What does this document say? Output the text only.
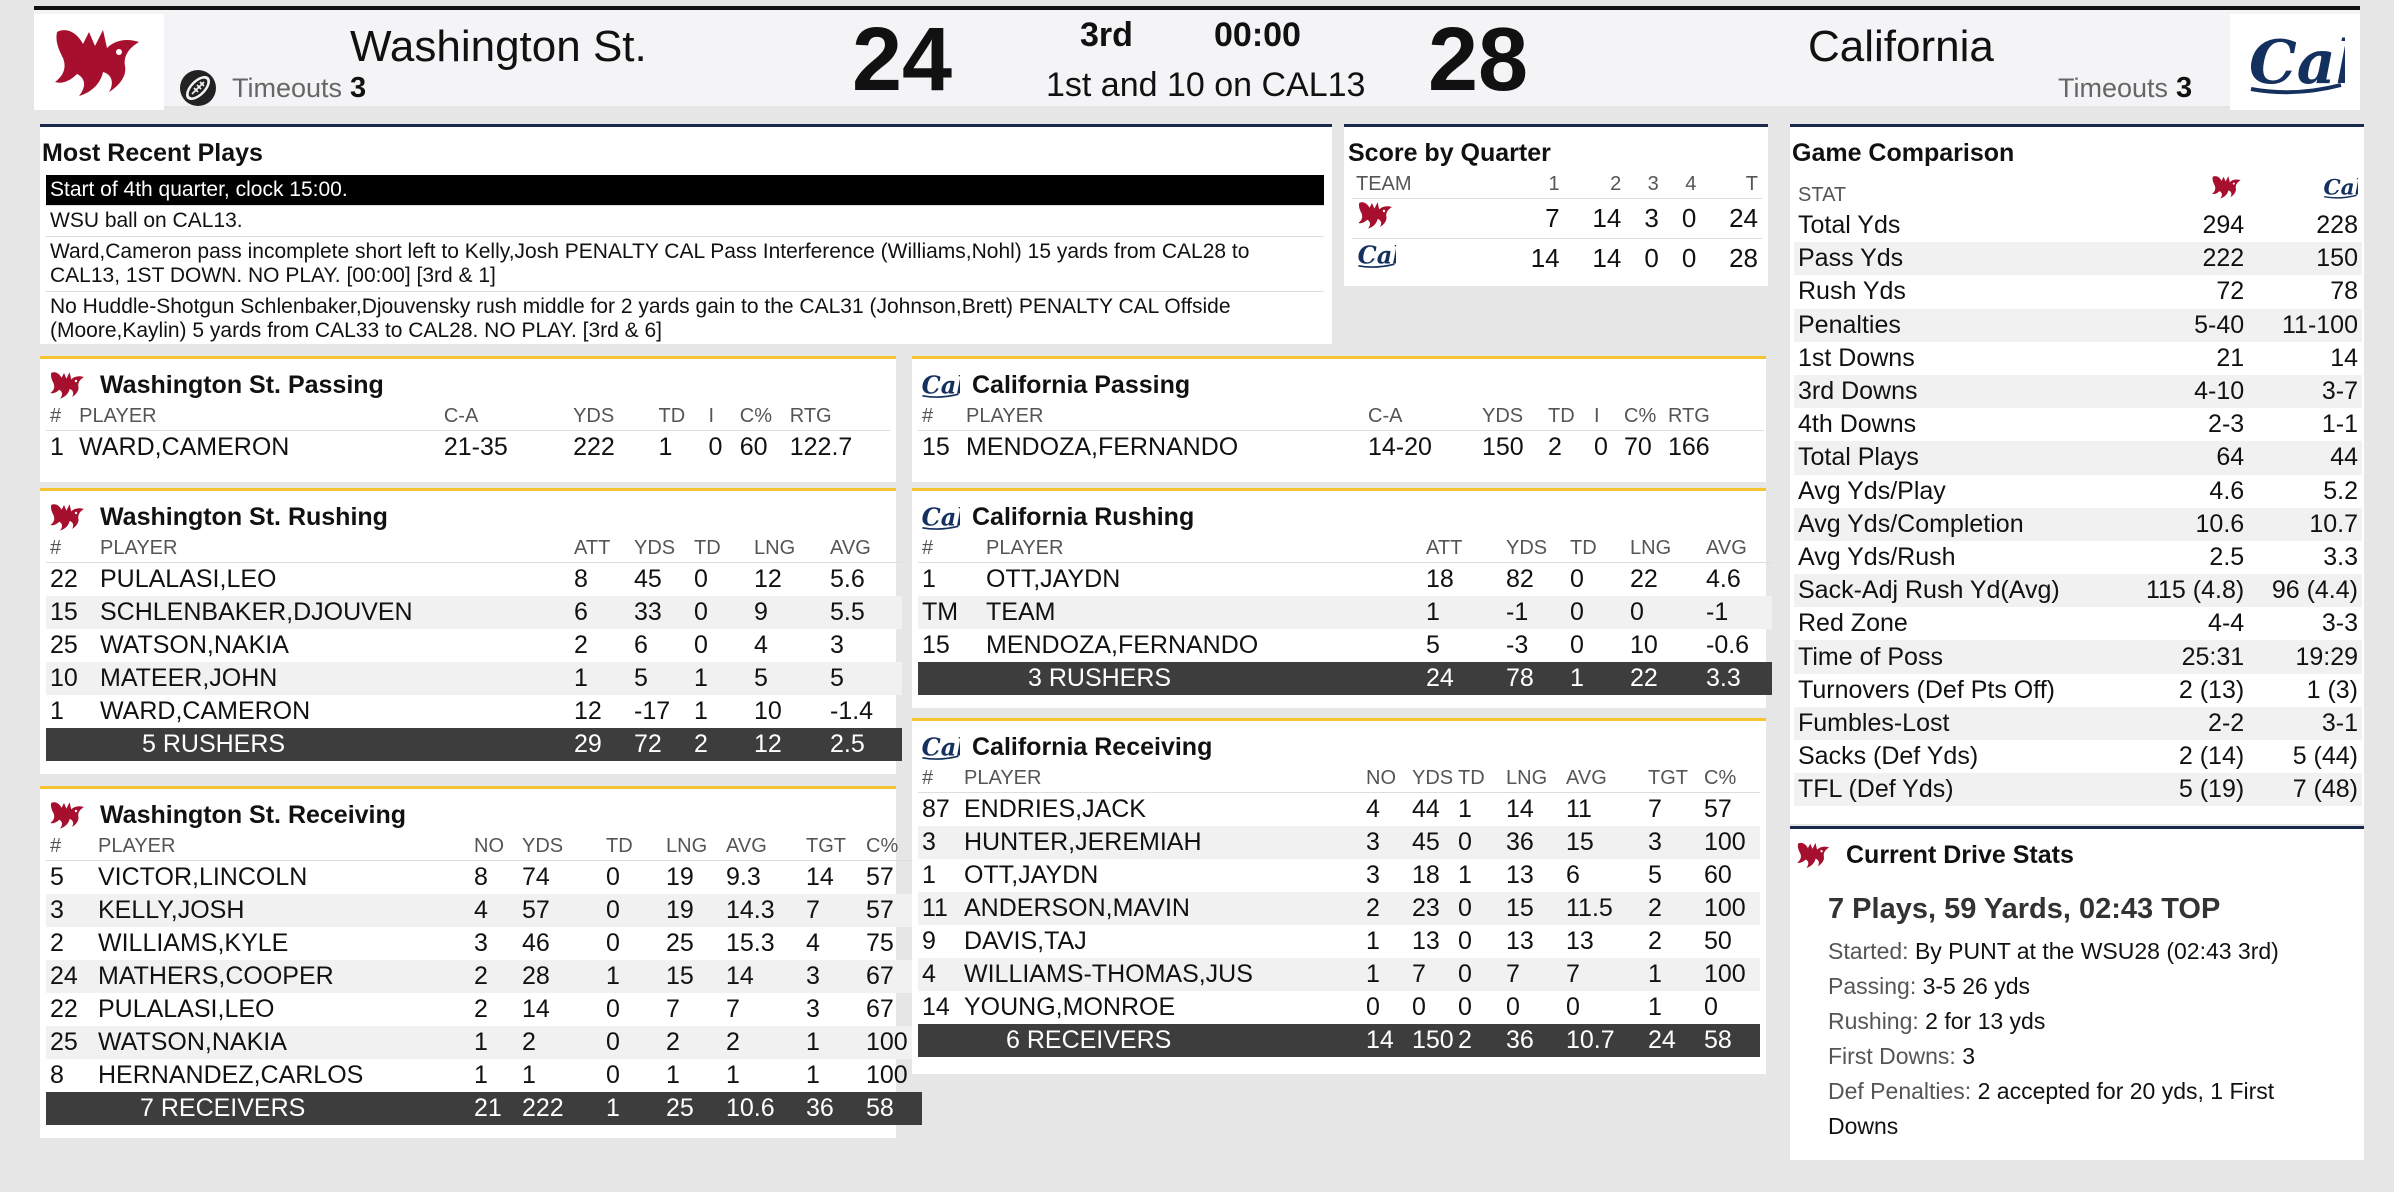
Washington St.
Timeouts 3	24	3rd 00:00
1st and 10 on CAL13 28	California
Timeouts 3
Most Recent Plays
Start of 4th quarter, clock 15:00.
WSU ball on CAL13.
Ward,Cameron pass incomplete short left to Kelly,Josh PENALTY CAL Pass Interference (Williams,Nohl) 15 yards from CAL28 to CAL13, 1ST DOWN. NO PLAY. [00:00] [3rd & 1]
No Huddle-Shotgun Schlenbaker,Djouvensky rush middle for 2 yards gain to the CAL31 (Johnson,Brett) PENALTY CAL Offside (Moore,Kaylin) 5 yards from CAL33 to CAL28. NO PLAY. [3rd & 6]
Score by Quarter
TEAM	1	2	3	4	T
	7	14	3	0	24
	14	14	0	0	28
Game Comparison
STAT		
Total Yds	294	228
Pass Yds	222	150
Rush Yds	72	78
Penalties	5-40	11-100
1st Downs	21	14
3rd Downs	4-10	3-7
4th Downs	2-3	1-1
Total Plays	64	44
Avg Yds/Play	4.6	5.2
Avg Yds/Completion	10.6	10.7
Avg Yds/Rush	2.5	3.3
Sack-Adj Rush Yd(Avg)	115 (4.8)	96 (4.4)
Red Zone	4-4	3-3
Time of Poss	25:31	19:29
Turnovers (Def Pts Off)	2 (13)	1 (3)
Fumbles-Lost	2-2	3-1
Sacks (Def Yds)	2 (14)	5 (44)
TFL (Def Yds)	5 (19)	7 (48)
Current Drive Stats
7 Plays, 59 Yards, 02:43 TOP
Started: By PUNT at the WSU28 (02:43 3rd)
Passing: 3-5 26 yds
Rushing: 2 for 13 yds
First Downs: 3
Def Penalties: 2 accepted for 20 yds, 1 First Downs
Washington St. Passing
#	PLAYER	C-A	YDS	TD	I	C%	RTG
1	WARD,CAMERON	21-35	222	1	0	60	122.7
Washington St. Rushing
#	PLAYER	ATT	YDS	TD	LNG	AVG
22	PULALASI,LEO	8	45	0	12	5.6
15	SCHLENBAKER,DJOUVEN	6	33	0	9	5.5
25	WATSON,NAKIA	2	6	0	4	3
10	MATEER,JOHN	1	5	1	5	5
1	WARD,CAMERON	12	-17	1	10	-1.4
	5 RUSHERS	29	72	2	12	2.5
Washington St. Receiving
#	PLAYER	NO	YDS	TD	LNG	AVG	TGT	C%
5	VICTOR,LINCOLN	8	74	0	19	9.3	14	57
3	KELLY,JOSH	4	57	0	19	14.3	7	57
2	WILLIAMS,KYLE	3	46	0	25	15.3	4	75
24	MATHERS,COOPER	2	28	1	15	14	3	67
22	PULALASI,LEO	2	14	0	7	7	3	67
25	WATSON,NAKIA	1	2	0	2	2	1	100
8	HERNANDEZ,CARLOS	1	1	0	1	1	1	100
	7 RECEIVERS	21	222	1	25	10.6	36	58
California Passing
#	PLAYER	C-A	YDS	TD	I	C%	RTG
15	MENDOZA,FERNANDO	14-20	150	2	0	70	166
California Rushing
#	PLAYER	ATT	YDS	TD	LNG	AVG
1	OTT,JAYDN	18	82	0	22	4.6
TM	TEAM	1	-1	0	0	-1
15	MENDOZA,FERNANDO	5	-3	0	10	-0.6
	3 RUSHERS	24	78	1	22	3.3
California Receiving
#	PLAYER	NO	YDS	TD	LNG	AVG	TGT	C%
87	ENDRIES,JACK	4	44	1	14	11	7	57
3	HUNTER,JEREMIAH	3	45	0	36	15	3	100
1	OTT,JAYDN	3	18	1	13	6	5	60
11	ANDERSON,MAVIN	2	23	0	15	11.5	2	100
9	DAVIS,TAJ	1	13	0	13	13	2	50
4	WILLIAMS-THOMAS,JUS	1	7	0	7	7	1	100
14	YOUNG,MONROE	0	0	0	0	0	1	0
	6 RECEIVERS	14	150	2	36	10.7	24	58
